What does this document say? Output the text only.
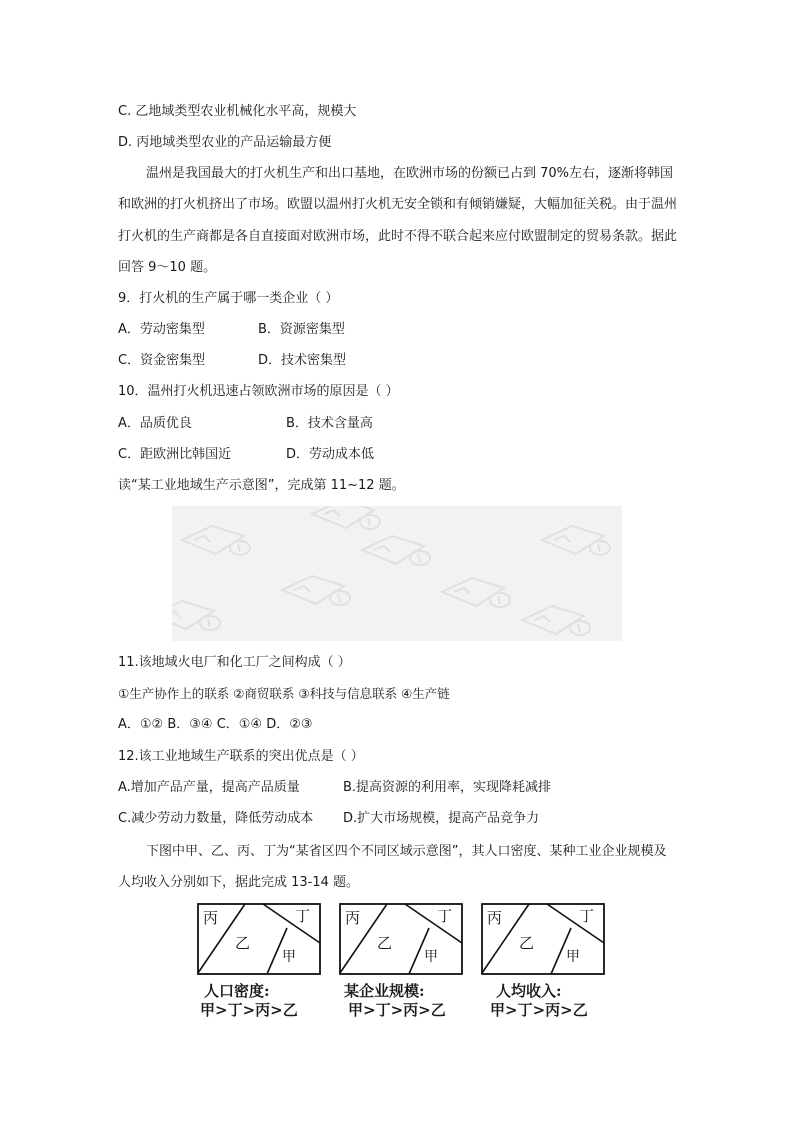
C. 乙地域类型农业机械化水平高，规模大
D. 丙地域类型农业的产品运输最方便
温州是我国最大的打火机生产和出口基地，在欧洲市场的份额已占到 70%左右，逐渐将韩国和欧洲的打火机挤出了市场。欧盟以温州打火机无安全锁和有倾销嫌疑，大幅加征关税。由于温州打火机的生产商都是各自直接面对欧洲市场，此时不得不联合起来应付欧盟制定的贸易条款。据此回答 9～10 题。
9．打火机的生产属于哪一类企业（ ）
A．劳动密集型	B．资源密集型
C．资金密集型	D．技术密集型
10．温州打火机迅速占领欧洲市场的原因是（ ）
A．品质优良	B．技术含量高
C．距欧洲比韩国近	D．劳动成本低
读“某工业地域生产示意图”，完成第 11~12 题。
11.该地域火电厂和化工厂之间构成（ ）
①生产协作上的联系 ②商贸联系 ③科技与信息联系 ④生产链
A．①② B．③④ C．①④ D．②③
12.该工业地域生产联系的突出优点是（ ）
A.增加产品产量，提高产品质量	B.提高资源的利用率，实现降耗减排
C.减少劳动力数量，降低劳动成本 D.扩大市场规模，提高产品竞争力
下图中甲、乙、丙、丁为“某省区四个不同区域示意图”，其人口密度、某种工业企业规模及人均收入分别如下，据此完成 13-14 题。
丙
乙
丁
甲
丙
乙
丁
甲
丙
乙
丁
甲
人口密度:
甲>丁>丙>乙
某企业规模:
甲>丁>丙>乙
人均收入:
甲>丁>丙>乙
